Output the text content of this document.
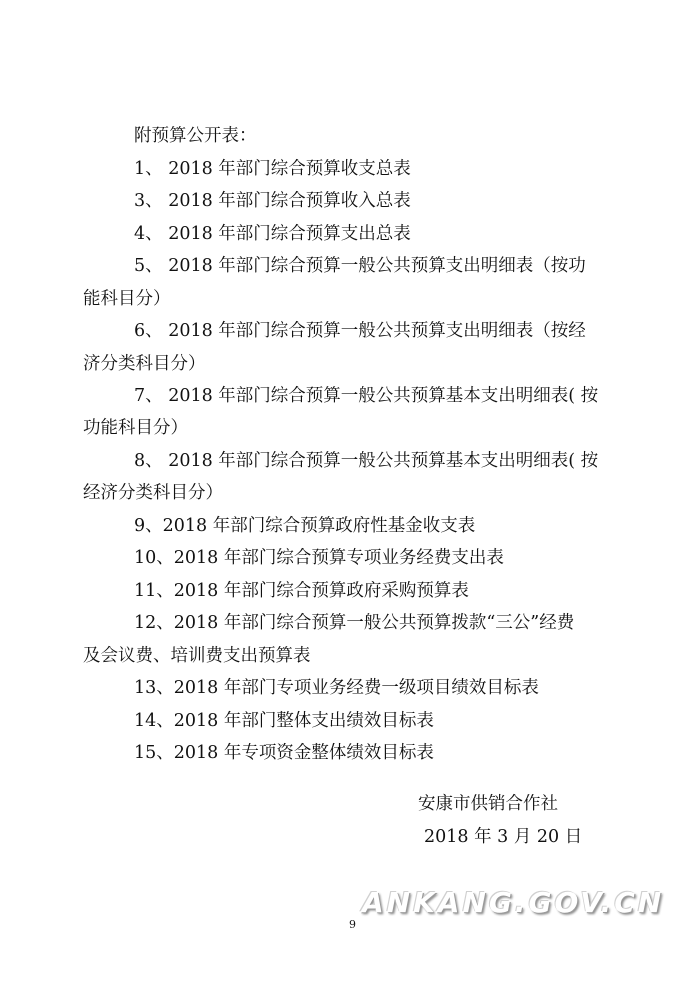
附预算公开表：
1、 2018 年部门综合预算收支总表
3、 2018 年部门综合预算收入总表
4、 2018 年部门综合预算支出总表
5、 2018 年部门综合预算一般公共预算支出明细表（按功
能科目分）
6、 2018 年部门综合预算一般公共预算支出明细表（按经
济分类科目分）
7、 2018 年部门综合预算一般公共预算基本支出明细表( 按
功能科目分）
8、 2018 年部门综合预算一般公共预算基本支出明细表( 按
经济分类科目分）
9、2018 年部门综合预算政府性基金收支表
10、2018 年部门综合预算专项业务经费支出表
11、2018 年部门综合预算政府采购预算表
12、2018 年部门综合预算一般公共预算拨款“三公”经费
及会议费、培训费支出预算表
13、2018 年部门专项业务经费一级项目绩效目标表
14、2018 年部门整体支出绩效目标表
15、2018 年专项资金整体绩效目标表
安康市供销合作社
2018 年 3 月 20 日
ANKANG.GOV.CN
9
